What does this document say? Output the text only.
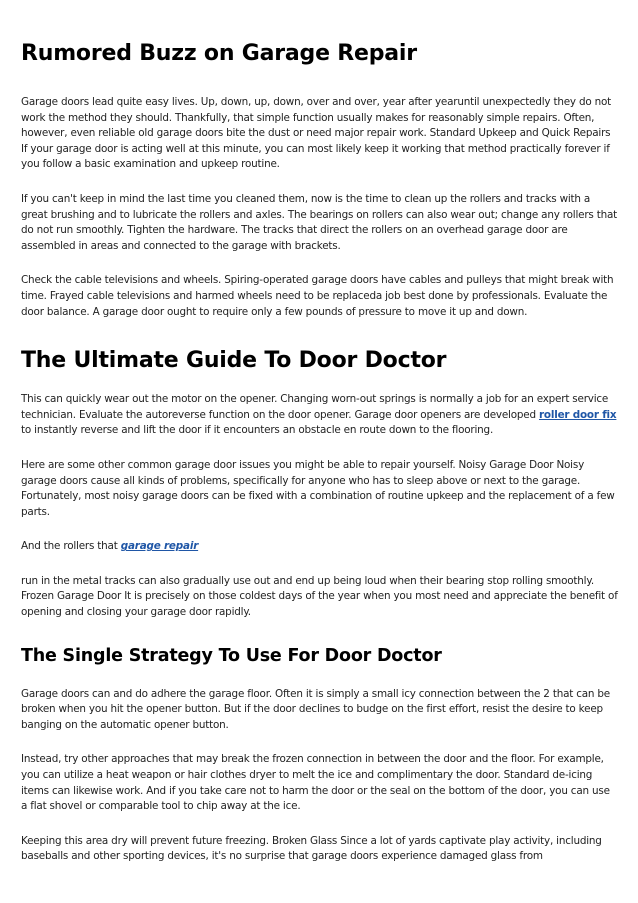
Rumored Buzz on Garage Repair

Garage doors lead quite easy lives. Up, down, up, down, over and over, year after yearuntil unexpectedly they do not work the method they should. Thankfully, that simple function usually makes for reasonably simple repairs. Often, however, even reliable old garage doors bite the dust or need major repair work. Standard Upkeep and Quick Repairs If your garage door is acting well at this minute, you can most likely keep it working that method practically forever if you follow a basic examination and upkeep routine.

If you can't keep in mind the last time you cleaned them, now is the time to clean up the rollers and tracks with a great brushing and to lubricate the rollers and axles. The bearings on rollers can also wear out; change any rollers that do not run smoothly. Tighten the hardware. The tracks that direct the rollers on an overhead garage door are assembled in areas and connected to the garage with brackets.

Check the cable televisions and wheels. Spiring-operated garage doors have cables and pulleys that might break with time. Frayed cable televisions and harmed wheels need to be replaceda job best done by professionals. Evaluate the door balance. A garage door ought to require only a few pounds of pressure to move it up and down.

The Ultimate Guide To Door Doctor

This can quickly wear out the motor on the opener. Changing worn-out springs is normally a job for an expert service technician. Evaluate the autoreverse function on the door opener. Garage door openers are developed roller door fix to instantly reverse and lift the door if it encounters an obstacle en route down to the flooring.

Here are some other common garage door issues you might be able to repair yourself. Noisy Garage Door Noisy garage doors cause all kinds of problems, specifically for anyone who has to sleep above or next to the garage. Fortunately, most noisy garage doors can be fixed with a combination of routine upkeep and the replacement of a few parts.

And the rollers that garage repair

run in the metal tracks can also gradually use out and end up being loud when their bearing stop rolling smoothly. Frozen Garage Door It is precisely on those coldest days of the year when you most need and appreciate the benefit of opening and closing your garage door rapidly.

The Single Strategy To Use For Door Doctor

Garage doors can and do adhere the garage floor. Often it is simply a small icy connection between the 2 that can be broken when you hit the opener button. But if the door declines to budge on the first effort, resist the desire to keep banging on the automatic opener button.

Instead, try other approaches that may break the frozen connection in between the door and the floor. For example, you can utilize a heat weapon or hair clothes dryer to melt the ice and complimentary the door. Standard de-icing items can likewise work. And if you take care not to harm the door or the seal on the bottom of the door, you can use a flat shovel or comparable tool to chip away at the ice.

Keeping this area dry will prevent future freezing. Broken Glass Since a lot of yards captivate play activity, including baseballs and other sporting devices, it's no surprise that garage doors experience damaged glass from
